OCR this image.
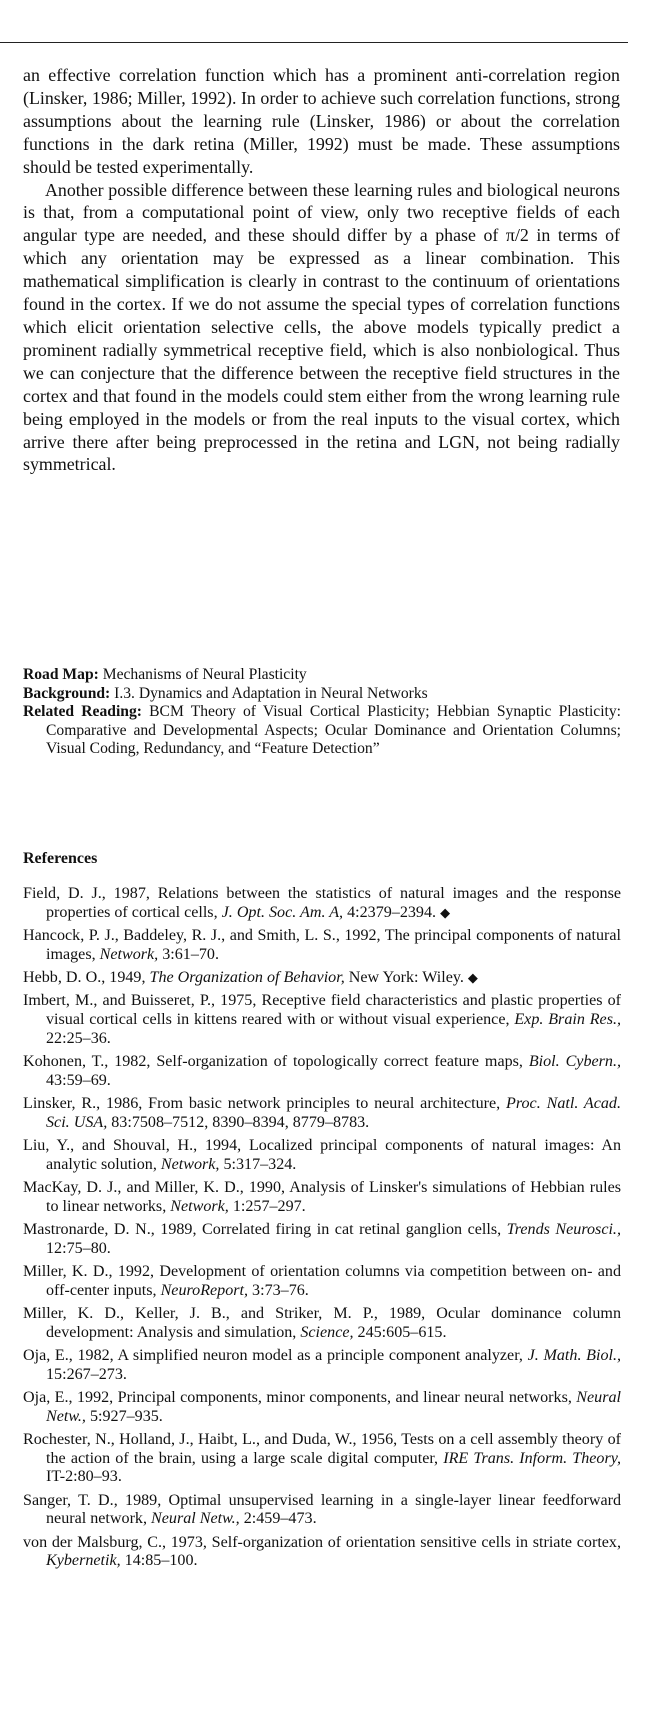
an effective correlation function which has a prominent anti-correlation region (Linsker, 1986; Miller, 1992). In order to achieve such correlation functions, strong assumptions about the learning rule (Linsker, 1986) or about the correlation functions in the dark retina (Miller, 1992) must be made. These assumptions should be tested experimentally.

Another possible difference between these learning rules and biological neurons is that, from a computational point of view, only two receptive fields of each angular type are needed, and these should differ by a phase of π/2 in terms of which any orientation may be expressed as a linear combination. This mathematical simplification is clearly in contrast to the continuum of orientations found in the cortex. If we do not assume the special types of correlation functions which elicit orientation selective cells, the above models typically predict a prominent radially symmetrical receptive field, which is also nonbiological. Thus we can conjecture that the difference between the receptive field structures in the cortex and that found in the models could stem either from the wrong learning rule being employed in the models or from the real inputs to the visual cortex, which arrive there after being preprocessed in the retina and LGN, not being radially symmetrical.

Road Map: Mechanisms of Neural Plasticity
Background: I.3. Dynamics and Adaptation in Neural Networks
Related Reading: BCM Theory of Visual Cortical Plasticity; Hebbian Synaptic Plasticity: Comparative and Developmental Aspects; Ocular Dominance and Orientation Columns; Visual Coding, Redundancy, and “Feature Detection”
References
Field, D. J., 1987, Relations between the statistics of natural images and the response properties of cortical cells, J. Opt. Soc. Am. A, 4:2379–2394. ◆
Hancock, P. J., Baddeley, R. J., and Smith, L. S., 1992, The principal components of natural images, Network, 3:61–70.
Hebb, D. O., 1949, The Organization of Behavior, New York: Wiley. ◆
Imbert, M., and Buisseret, P., 1975, Receptive field characteristics and plastic properties of visual cortical cells in kittens reared with or without visual experience, Exp. Brain Res., 22:25–36.
Kohonen, T., 1982, Self-organization of topologically correct feature maps, Biol. Cybern., 43:59–69.
Linsker, R., 1986, From basic network principles to neural architecture, Proc. Natl. Acad. Sci. USA, 83:7508–7512, 8390–8394, 8779–8783.
Liu, Y., and Shouval, H., 1994, Localized principal components of natural images: An analytic solution, Network, 5:317–324.
MacKay, D. J., and Miller, K. D., 1990, Analysis of Linsker's simulations of Hebbian rules to linear networks, Network, 1:257–297.
Mastronarde, D. N., 1989, Correlated firing in cat retinal ganglion cells, Trends Neurosci., 12:75–80.
Miller, K. D., 1992, Development of orientation columns via competition between on- and off-center inputs, NeuroReport, 3:73–76.
Miller, K. D., Keller, J. B., and Striker, M. P., 1989, Ocular dominance column development: Analysis and simulation, Science, 245:605–615.
Oja, E., 1982, A simplified neuron model as a principle component analyzer, J. Math. Biol., 15:267–273.
Oja, E., 1992, Principal components, minor components, and linear neural networks, Neural Netw., 5:927–935.
Rochester, N., Holland, J., Haibt, L., and Duda, W., 1956, Tests on a cell assembly theory of the action of the brain, using a large scale digital computer, IRE Trans. Inform. Theory, IT-2:80–93.
Sanger, T. D., 1989, Optimal unsupervised learning in a single-layer linear feedforward neural network, Neural Netw., 2:459–473.
von der Malsburg, C., 1973, Self-organization of orientation sensitive cells in striate cortex, Kybernetik, 14:85–100.
